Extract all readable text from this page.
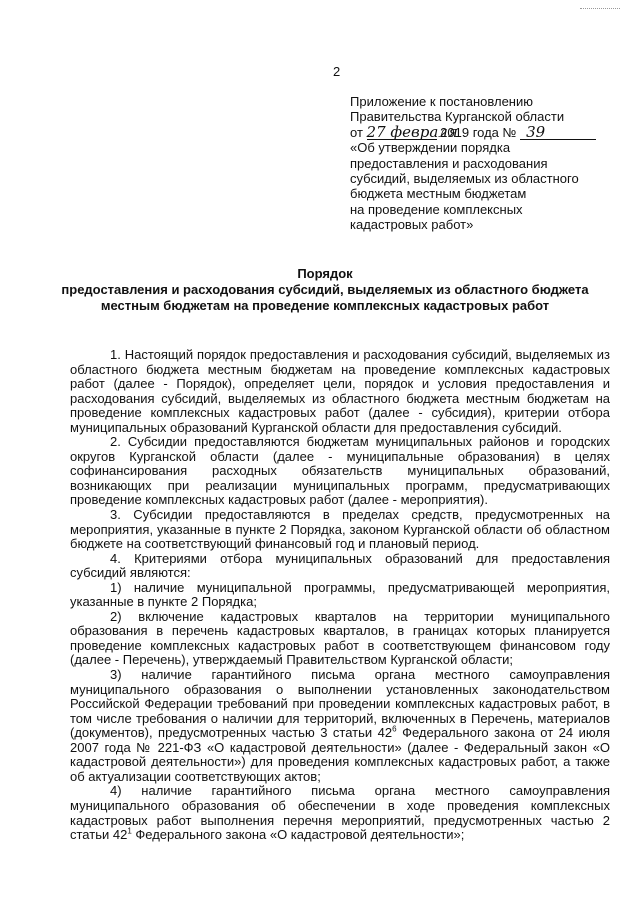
2
Приложение к постановлению
Правительства Курганской области
от 27 февраля 2019 года № 39
«Об утверждении порядка
предоставления и расходования
субсидий, выделяемых из областного
бюджета местным бюджетам
на проведение комплексных
кадастровых работ»
Порядок
предоставления и расходования субсидий, выделяемых из областного бюджета
местным бюджетам на проведение комплексных кадастровых работ

1. Настоящий порядок предоставления и расходования субсидий, выделяемых из областного бюджета местным бюджетам на проведение комплексных кадастровых работ (далее - Порядок), определяет цели, порядок и условия предоставления и расходования субсидий, выделяемых из областного бюджета местным бюджетам на проведение комплексных кадастровых работ (далее - субсидия), критерии отбора муниципальных образований Курганской области для предоставления субсидий.

2. Субсидии предоставляются бюджетам муниципальных районов и городских округов Курганской области (далее - муниципальные образования) в целях софинансирования расходных обязательств муниципальных образований, возникающих при реализации муниципальных программ, предусматривающих проведение комплексных кадастровых работ (далее - мероприятия).

3. Субсидии предоставляются в пределах средств, предусмотренных на мероприятия, указанные в пункте 2 Порядка, законом Курганской области об областном бюджете на соответствующий финансовый год и плановый период.

4. Критериями отбора муниципальных образований для предоставления субсидий являются:

1) наличие муниципальной программы, предусматривающей мероприятия, указанные в пункте 2 Порядка;

2) включение кадастровых кварталов на территории муниципального образования в перечень кадастровых кварталов, в границах которых планируется проведение комплексных кадастровых работ в соответствующем финансовом году (далее - Перечень), утверждаемый Правительством Курганской области;

3) наличие гарантийного письма органа местного самоуправления муниципального образования о выполнении установленных законодательством Российской Федерации требований при проведении комплексных кадастровых работ, в том числе требования о наличии для территорий, включенных в Перечень, материалов (документов), предусмотренных частью 3 статьи $42^6$ Федерального закона от 24 июля 2007 года № 221-ФЗ «О кадастровой деятельности» (далее - Федеральный закон «О кадастровой деятельности») для проведения комплексных кадастровых работ, а также об актуализации соответствующих актов;

4) наличие гарантийного письма органа местного самоуправления муниципального образования об обеспечении в ходе проведения комплексных кадастровых работ выполнения перечня мероприятий, предусмотренных частью 2 статьи $42^1$ Федерального закона «О кадастровой деятельности»;
